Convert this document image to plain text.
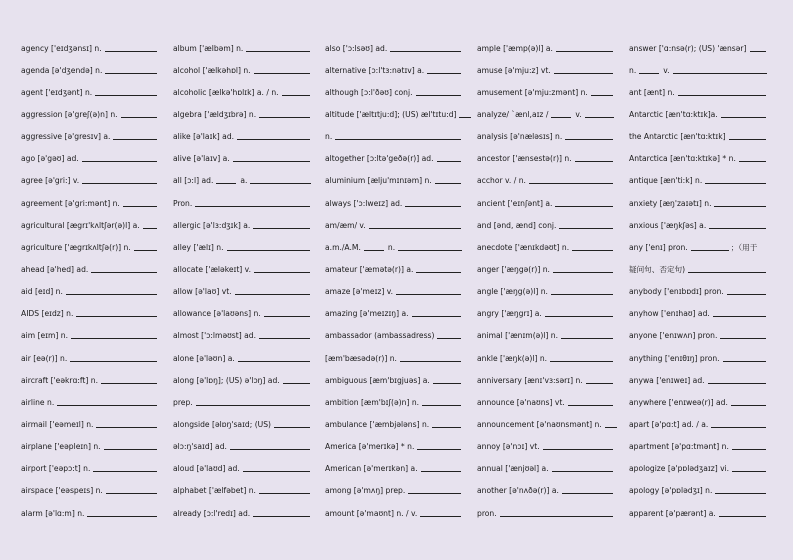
agency ['eɪdʒənsɪ] n.
agenda [ə'dʒendə] n.
agent ['eɪdʒənt] n.
aggression [ə'greʃ(ə)n] n.
aggressive [ə'gresɪv] a.
ago [ə'gəʊ] ad.
agree [ə'gri:] v.
agreement [ə'gri:mənt] n.
agricultural [ægrɪ'kʌltʃər(ə)l] a.
agriculture ['ægrɪkʌltʃə(r)] n.
ahead [ə'hed] ad.
aid [eɪd] n.
AIDS [eɪdz] n.
aim [eɪm] n.
air [eə(r)] n.
aircraft ['eəkrɑ:ft] n.
airline n.
airmail ['eəmeɪl] n.
airplane ['eəpleɪn] n.
airport ['eəpɔ:t] n.
airspace ['eəspeɪs] n.
alarm [ə'lɑ:m] n.
album ['ælbəm] n.
alcohol ['ælkəhɒl] n.
alcoholic [ælkə'hɒlɪk] a. / n.
algebra ['ældʒɪbrə] n.
alike [ə'laɪk] ad.
alive [ə'laɪv] a.
all [ɔ:l] ad.	a.
Pron.
allergic [ə'lɜ:dʒɪk] a.
alley ['ælɪ] n.
allocate ['æləkeɪt] v.
allow [ə'laʊ] vt.
allowance [ə'laʊəns] n.
almost ['ɔ:lməʊst] ad.
alone [ə'ləʊn] a.
along [ə'lɒŋ]; (US) ə'lɔŋ] ad.
prep.
alongside [əlɒŋ'saɪd; (US)
əlɔ:ŋ'saɪd] ad.
aloud [ə'laʊd] ad.
alphabet ['ælfəbet] n.
already [ɔ:l'redɪ] ad.
also ['ɔ:lsəʊ] ad.
alternative [ɔ:l'tɜ:nətɪv] a.
although [ɔ:l'ðəʊ] conj.
altitude ['æltɪtju:d]; (US) æl'tɪtu:d]
n.
altogether [ɔ:ltə'geðə(r)] ad.
aluminium [ælju'mɪnɪəm] n.
always ['ɔ:lweɪz] ad.
am/æm/ v.
a.m./A.M.	n.
amateur ['æmətə(r)] a.
amaze [ə'meɪz] v.
amazing [ə'meɪzɪŋ] a.
ambassador (ambassadress)
[æm'bæsədə(r)] n.
ambiguous [æm'bɪgjuəs] a.
ambition [æm'bɪʃ(ə)n] n.
ambulance ['æmbjələns] n.
America [ə'merɪkə] * n.
American [ə'merɪkən] a.
among [ə'mʌŋ] prep.
amount [ə'maʊnt] n. / v.
ample ['æmp(ə)l] a.
amuse [ə'mju:z] vt.
amusement [ə'mju:zmənt] n.
analyze/ `ænl,aɪz /	v.
analysis [ə'næləsɪs] n.
ancestor ['ænsestə(r)] n.
acchor v. / n.
ancient ['eɪnʃənt] a.
and [ənd, ænd] conj.
anecdote ['ænɪkdəʊt] n.
anger ['æŋgə(r)] n.
angle ['æŋg(ə)l] n.
angry ['æŋgrɪ] a.
animal ['ænɪm(ə)l] n.
ankle ['æŋk(ə)l] n.
anniversary [ænɪ'vɜ:sərɪ] n.
announce [ə'naʊns] vt.
announcement [ə'naʊnsmənt] n.
annoy [ə'nɔɪ] vt.
annual ['ænjʊəl] a.
another [ə'nʌðə(r)] a.
pron.
answer ['ɑ:nsə(r); (US) 'ænsər]
n.	v.
ant [ænt] n.
Antarctic [æn'tɑ:ktɪk]a.
the Antarctic [æn'tɑ:ktɪk]
Antarctica [æn'tɑ:ktɪkə] * n.
antique [æn'ti:k] n.
anxiety [æŋ'zaɪətɪ] n.
anxious ['æŋkʃəs] a.
any ['enɪ] pron.	；（用于
疑问句、否定句)
anybody ['enɪbɒdɪ] pron.
anyhow ['enɪhaʊ] ad.
anyone ['enɪwʌn] pron.
anything ['enɪθɪŋ] pron.
anywa ['enɪweɪ] ad.
anywhere ['enɪweə(r)] ad.
apart [ə'pɑ:t] ad. / a.
apartment [ə'pɑ:tmənt] n.
apologize [ə'pɒlədʒaɪz] vi.
apology [ə'pɒlədʒɪ] n.
apparent [ə'pærənt] a.
